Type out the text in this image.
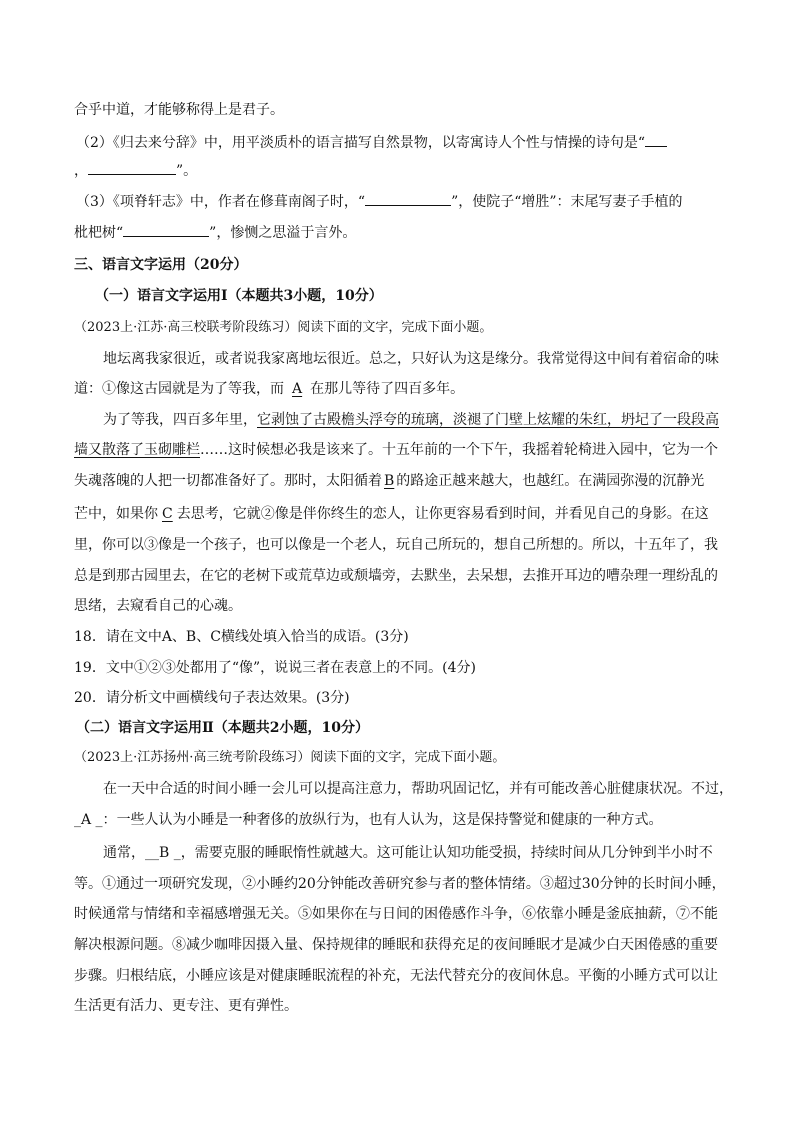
合乎中道，才能够称得上是君子。
（2）《归去来兮辞》中，用平淡质朴的语言描写自然景物，以寄寓诗人个性与情操的诗句是“
，	”。
（3）《项脊轩志》中，作者在修葺南阁子时，“	”，使院子“增胜”：末尾写妻子手植的
枇杷树“	”，惨恻之思溢于言外。
三、语言文字运用（20分）
（一）语言文字运用Ⅰ（本题共3小题，10分）
（2023上·江苏·高三校联考阶段练习）阅读下面的文字，完成下面小题。
地坛离我家很近，或者说我家离地坛很近。总之，只好认为这是缘分。我常觉得这中间有着宿命的味
道：①像这古园就是为了等我，而 A 在那儿等待了四百多年。
为了等我，四百多年里，它剥蚀了古殿檐头浮夸的琉璃，淡褪了门壁上炫耀的朱红，坍圮了一段段高
墙又散落了玉砌雕栏……这时候想必我是该来了。十五年前的一个下午，我摇着轮椅进入园中，它为一个
失魂落魄的人把一切都准备好了。那时，太阳循着 B 的路途正越来越大，也越红。在满园弥漫的沉静光
芒中，如果你 C 去思考，它就②像是伴你终生的恋人，让你更容易看到时间，并看见自己的身影。在这
里，你可以③像是一个孩子，也可以像是一个老人，玩自己所玩的，想自己所想的。所以，十五年了，我
总是到那古园里去，在它的老树下或荒草边或颓墙旁，去默坐，去呆想，去推开耳边的嘈杂理一理纷乱的
思绪，去窥看自己的心魂。
18．请在文中A、B、C横线处填入恰当的成语。(3分)
19．文中①②③处都用了“像”，说说三者在表意上的不同。(4分)
20．请分析文中画横线句子表达效果。(3分)
（二）语言文字运用Ⅱ（本题共2小题，10分）
（2023上·江苏扬州·高三统考阶段练习）阅读下面的文字，完成下面小题。
在一天中合适的时间小睡一会儿可以提高注意力，帮助巩固记忆，并有可能改善心脏健康状况。不过，
_A _：一些人认为小睡是一种奢侈的放纵行为，也有人认为，这是保持警觉和健康的一种方式。
通常，__B _，需要克服的睡眠惰性就越大。这可能让认知功能受损，持续时间从几分钟到半小时不
等。①通过一项研究发现，②小睡约20分钟能改善研究参与者的整体情绪。③超过30分钟的长时间小睡，
时候通常与情绪和幸福感增强无关。⑤如果你在与日间的困倦感作斗争，⑥依靠小睡是釜底抽薪，⑦不能
解决根源问题。⑧减少咖啡因摄入量、保持规律的睡眠和获得充足的夜间睡眠才是减少白天困倦感的重要
步骤。归根结底，小睡应该是对健康睡眠流程的补充，无法代替充分的夜间休息。平衡的小睡方式可以让
生活更有活力、更专注、更有弹性。
